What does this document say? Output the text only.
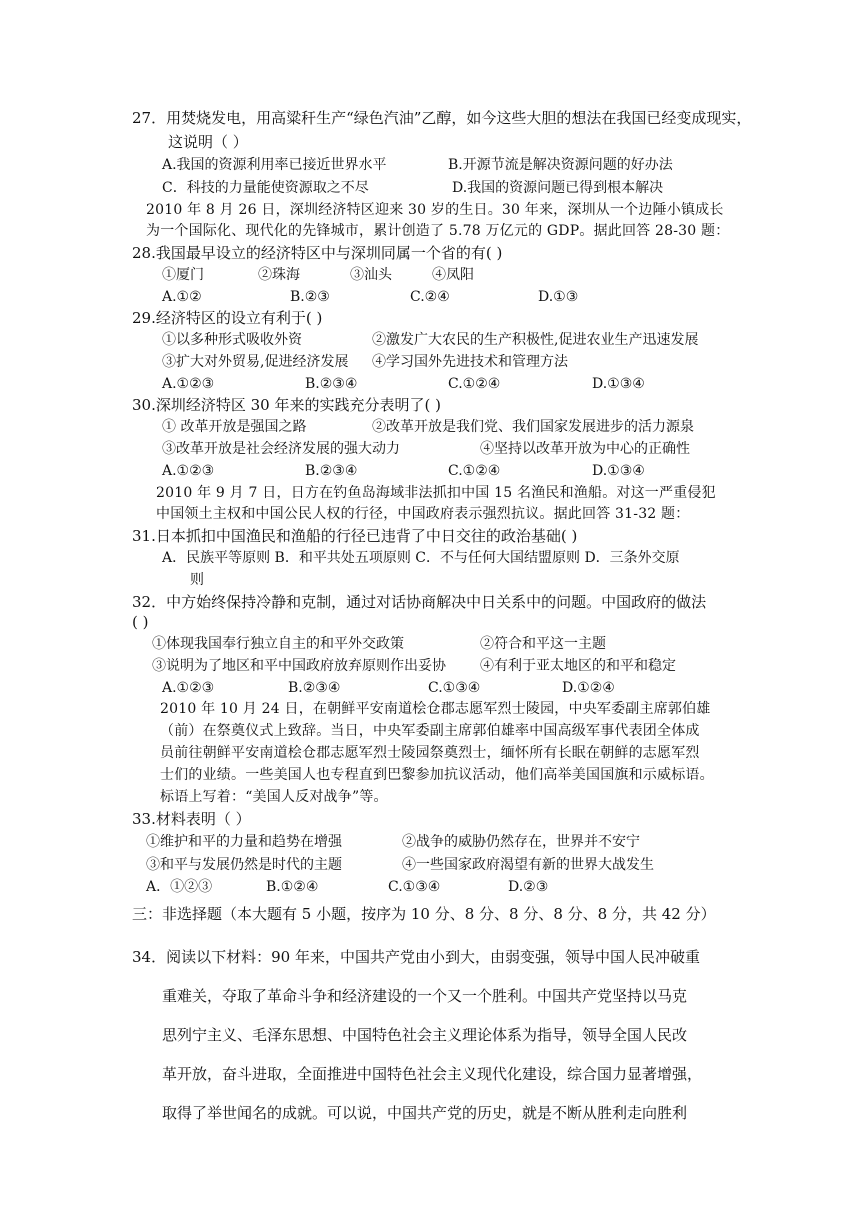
27．用焚烧发电，用高粱秆生产“绿色汽油”乙醇，如今这些大胆的想法在我国已经变成现实，
这说明（ ）
A.我国的资源利用率已接近世界水平	B.开源节流是解决资源问题的好办法
C．科技的力量能使资源取之不尽	D.我国的资源问题已得到根本解决
2010 年 8 月 26 日，深圳经济特区迎来 30 岁的生日。30 年来，深圳从一个边陲小镇成长
为一个国际化、现代化的先锋城市，累计创造了 5.78 万亿元的 GDP。据此回答 28-30 题：
28.我国最早设立的经济特区中与深圳同属一个省的有( )
①厦门	②珠海	③汕头	④凤阳
A.①②	B.②③	C.②④	D.①③
29.经济特区的设立有利于( )
①以多种形式吸收外资	②激发广大农民的生产积极性,促进农业生产迅速发展
③扩大对外贸易,促进经济发展 ④学习国外先进技术和管理方法
A.①②③	B.②③④	C.①②④	D.①③④
30.深圳经济特区 30 年来的实践充分表明了( )
① 改革开放是强国之路	②改革开放是我们党、我们国家发展进步的活力源泉
③改革开放是社会经济发展的强大动力	④坚持以改革开放为中心的正确性
A.①②③	B.②③④	C.①②④	D.①③④
2010 年 9 月 7 日，日方在钓鱼岛海域非法抓扣中国 15 名渔民和渔船。对这一严重侵犯
中国领土主权和中国公民人权的行径，中国政府表示强烈抗议。据此回答 31-32 题：
31.日本抓扣中国渔民和渔船的行径已违背了中日交往的政治基础( )
A．民族平等原则 B．和平共处五项原则 C．不与任何大国结盟原则 D．三条外交原
则
32．中方始终保持冷静和克制，通过对话协商解决中日关系中的问题。中国政府的做法
( )
①体现我国奉行独立自主的和平外交政策	②符合和平这一主题
③说明为了地区和平中国政府放弃原则作出妥协 ④有利于亚太地区的和平和稳定
A.①②③	B.②③④	C.①③④	D.①②④
2010 年 10 月 24 日，在朝鲜平安南道桧仓郡志愿军烈士陵园，中央军委副主席郭伯雄
（前）在祭奠仪式上致辞。当日，中央军委副主席郭伯雄率中国高级军事代表团全体成
员前往朝鲜平安南道桧仓郡志愿军烈士陵园祭奠烈士，缅怀所有长眠在朝鲜的志愿军烈
士们的业绩。一些美国人也专程直到巴黎参加抗议活动，他们高举美国国旗和示威标语。
标语上写着：“美国人反对战争”等。
33.材料表明（ ）
①维护和平的力量和趋势在增强	②战争的威胁仍然存在，世界并不安宁
③和平与发展仍然是时代的主题	④一些国家政府渴望有新的世界大战发生
A．①②③	B.①②④	C.①③④	D.②③
三：非选择题（本大题有 5 小题，按序为 10 分、8 分、8 分、8 分、8 分，共 42 分）
34．阅读以下材料：90 年来，中国共产党由小到大，由弱变强，领导中国人民冲破重
重难关，夺取了革命斗争和经济建设的一个又一个胜利。中国共产党坚持以马克
思列宁主义、毛泽东思想、中国特色社会主义理论体系为指导，领导全国人民改
革开放，奋斗进取，全面推进中国特色社会主义现代化建设，综合国力显著增强，
取得了举世闻名的成就。可以说，中国共产党的历史，就是不断从胜利走向胜利
